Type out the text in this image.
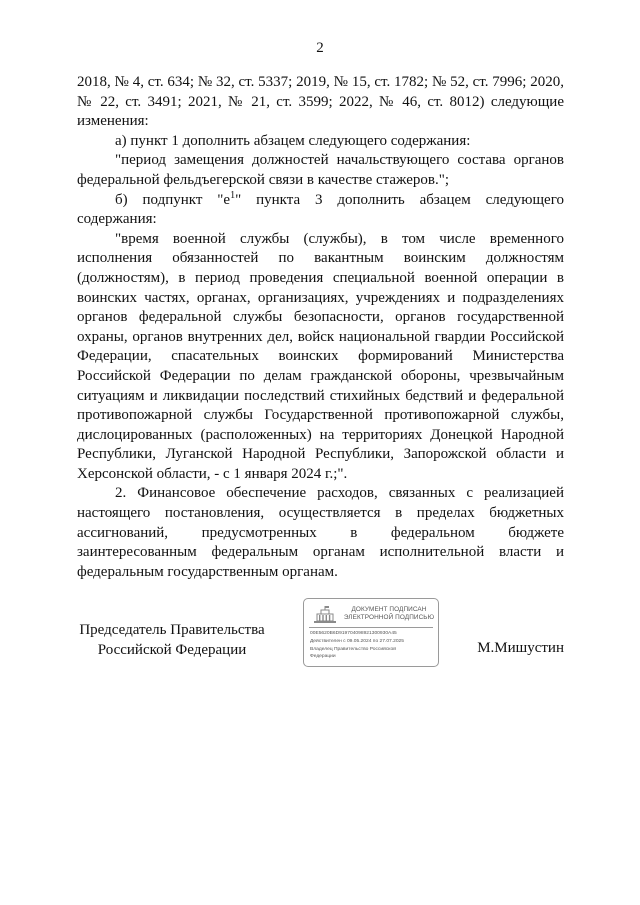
2

2018, № 4, ст. 634; № 32, ст. 5337; 2019, № 15, ст. 1782; № 52, ст. 7996; 2020, № 22, ст. 3491; 2021, № 21, ст. 3599; 2022, № 46, ст. 8012) следующие изменения:

а) пункт 1 дополнить абзацем следующего содержания:

"период замещения должностей начальствующего состава органов федеральной фельдъегерской связи в качестве стажеров.";

б) подпункт "$е^1$" пункта 3 дополнить абзацем следующего содержания:

"время военной службы (службы), в том числе временного исполнения обязанностей по вакантным воинским должностям (должностям), в период проведения специальной военной операции в воинских частях, органах, организациях, учреждениях и подразделениях органов федеральной службы безопасности, органов государственной охраны, органов внутренних дел, войск национальной гвардии Российской Федерации, спасательных воинских формирований Министерства Российской Федерации по делам гражданской обороны, чрезвычайным ситуациям и ликвидации последствий стихийных бедствий и федеральной противопожарной службы Государственной противопожарной службы, дислоцированных (расположенных) на территориях Донецкой Народной Республики, Луганской Народной Республики, Запорожской области и Херсонской области, - с 1 января 2024 г.;".

2. Финансовое обеспечение расходов, связанных с реализацией настоящего постановления, осуществляется в пределах бюджетных ассигнований, предусмотренных в федеральном бюджете заинтересованным федеральным органам исполнительной власти и федеральным государственным органам.

Председатель Правительства
Российской Федерации
ДОКУМЕНТ ПОДПИСАН
ЭЛЕКТРОННОЙ ПОДПИСЬЮ
00E5620B6D919704098921300930A45
Действителен с 09.05.2024 по 27.07.2025
Владелец Правительство Российской
Федерации
М.Мишустин
